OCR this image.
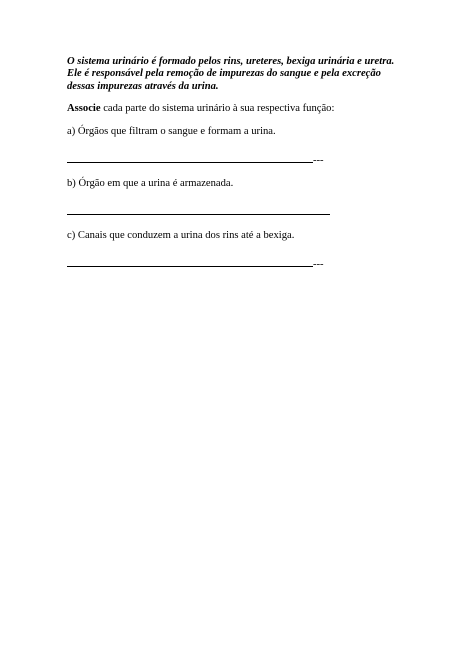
O sistema urinário é formado pelos rins, ureteres, bexiga urinária e uretra. Ele é responsável pela remoção de impurezas do sangue e pela excreção dessas impurezas através da urina.

Associe cada parte do sistema urinário à sua respectiva função:

a) Órgãos que filtram o sangue e formam a urina.

---

b) Órgão em que a urina é armazenada.

c) Canais que conduzem a urina dos rins até a bexiga.

---
